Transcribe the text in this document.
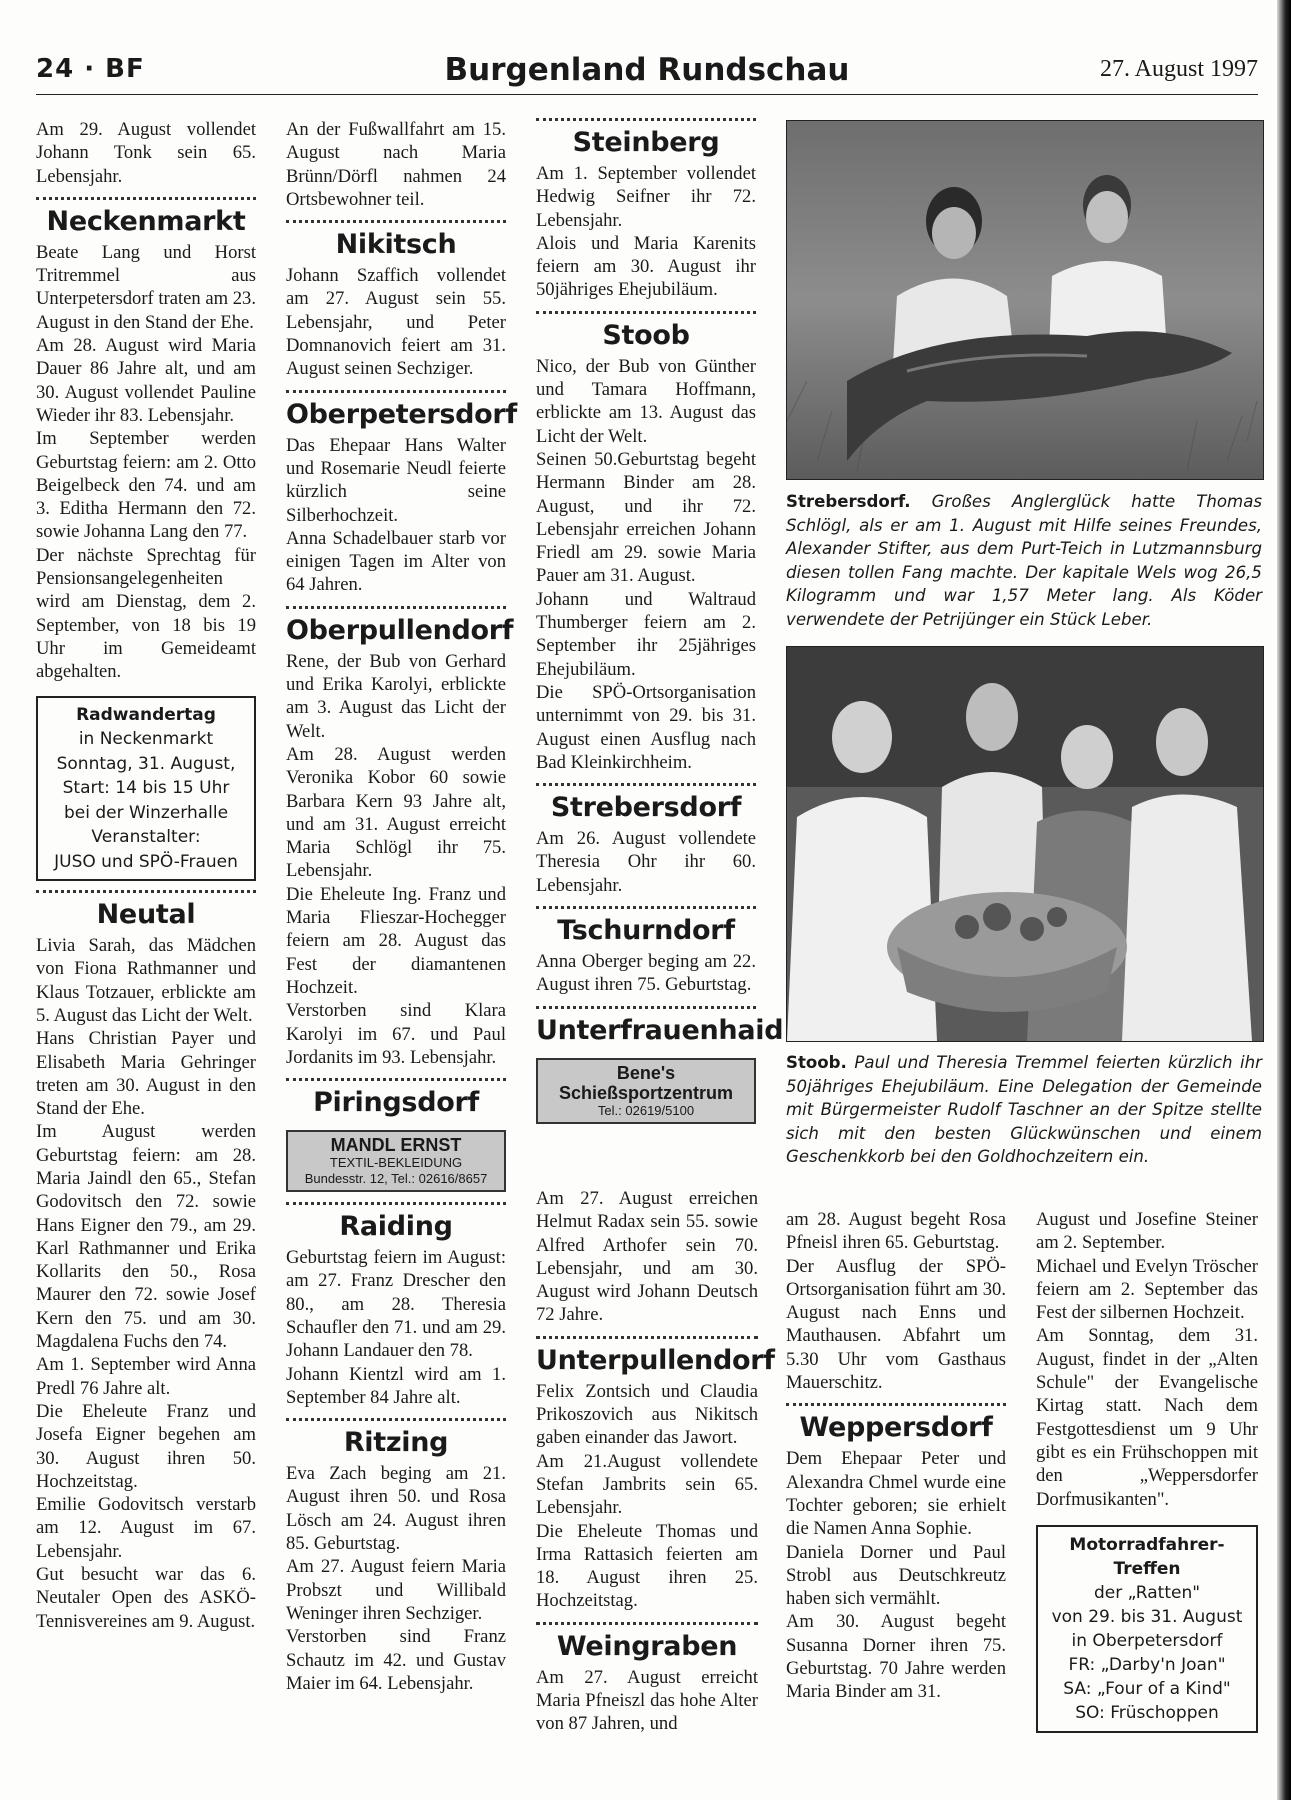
24 · BF	Burgenland Rundschau	27. August 1997

Am 29. August vollendet Johann Tonk sein 65. Lebensjahr.

Neckenmarkt

Beate Lang und Horst Tritremmel aus Unterpetersdorf traten am 23. August in den Stand der Ehe.

Am 28. August wird Maria Dauer 86 Jahre alt, und am 30. August vollendet Pauline Wieder ihr 83. Lebensjahr.

Im September werden Geburtstag feiern: am 2. Otto Beigelbeck den 74. und am 3. Editha Hermann den 72. sowie Johanna Lang den 77.

Der nächste Sprechtag für Pensionsangelegenheiten wird am Dienstag, dem 2. September, von 18 bis 19 Uhr im Gemeideamt abgehalten.

Radwandertag
in Neckenmarkt
Sonntag, 31. August,
Start: 14 bis 15 Uhr
bei der Winzerhalle
Veranstalter:
JUSO und SPÖ-Frauen
Neutal

Livia Sarah, das Mädchen von Fiona Rathmanner und Klaus Totzauer, erblickte am 5. August das Licht der Welt.

Hans Christian Payer und Elisabeth Maria Gehringer treten am 30. August in den Stand der Ehe.

Im August werden Geburtstag feiern: am 28. Maria Jaindl den 65., Stefan Godovitsch den 72. sowie Hans Eigner den 79., am 29. Karl Rathmanner und Erika Kollarits den 50., Rosa Maurer den 72. sowie Josef Kern den 75. und am 30. Magdalena Fuchs den 74.

Am 1. September wird Anna Predl 76 Jahre alt.

Die Eheleute Franz und Josefa Eigner begehen am 30. August ihren 50. Hochzeitstag.

Emilie Godovitsch verstarb am 12. August im 67. Lebensjahr.

Gut besucht war das 6. Neutaler Open des ASKÖ-Tennisvereines am 9. August.

An der Fußwallfahrt am 15. August nach Maria Brünn/Dörfl nahmen 24 Ortsbewohner teil.

Nikitsch

Johann Szaffich vollendet am 27. August sein 55. Lebensjahr, und Peter Domnanovich feiert am 31. August seinen Sechziger.

Oberpetersdorf

Das Ehepaar Hans Walter und Rosemarie Neudl feierte kürzlich seine Silberhochzeit.

Anna Schadelbauer starb vor einigen Tagen im Alter von 64 Jahren.

Oberpullendorf

Rene, der Bub von Gerhard und Erika Karolyi, erblickte am 3. August das Licht der Welt.

Am 28. August werden Veronika Kobor 60 sowie Barbara Kern 93 Jahre alt, und am 31. August erreicht Maria Schlögl ihr 75. Lebensjahr.

Die Eheleute Ing. Franz und Maria Flieszar-Hochegger feiern am 28. August das Fest der diamantenen Hochzeit.

Verstorben sind Klara Karolyi im 67. und Paul Jordanits im 93. Lebensjahr.

Piringsdorf
MANDL ERNST
TEXTIL-BEKLEIDUNG
Bundesstr. 12, Tel.: 02616/8657
Raiding

Geburtstag feiern im August: am 27. Franz Drescher den 80., am 28. Theresia Schaufler den 71. und am 29. Johann Landauer den 78.

Johann Kientzl wird am 1. September 84 Jahre alt.

Ritzing

Eva Zach beging am 21. August ihren 50. und Rosa Lösch am 24. August ihren 85. Geburtstag.

Am 27. August feiern Maria Probszt und Willibald Weninger ihren Sechziger.

Verstorben sind Franz Schautz im 42. und Gustav Maier im 64. Lebensjahr.

Steinberg

Am 1. September vollendet Hedwig Seifner ihr 72. Lebensjahr.

Alois und Maria Karenits feiern am 30. August ihr 50jähriges Ehejubiläum.

Stoob

Nico, der Bub von Günther und Tamara Hoffmann, erblickte am 13. August das Licht der Welt.

Seinen 50.Geburtstag begeht Hermann Binder am 28. August, und ihr 72. Lebensjahr erreichen Johann Friedl am 29. sowie Maria Pauer am 31. August.

Johann und Waltraud Thumberger feiern am 2. September ihr 25jähriges Ehejubiläum.

Die SPÖ-Ortsorganisation unternimmt von 29. bis 31. August einen Ausflug nach Bad Kleinkirchheim.

Strebersdorf

Am 26. August vollendete Theresia Ohr ihr 60. Lebensjahr.

Tschurndorf

Anna Oberger beging am 22. August ihren 75. Geburtstag.

Unterfrauenhaid
Bene's
Schießsportzentrum
Tel.: 02619/5100

Am 27. August erreichen Helmut Radax sein 55. sowie Alfred Arthofer sein 70. Lebensjahr, und am 30. August wird Johann Deutsch 72 Jahre.

Unterpullendorf

Felix Zontsich und Claudia Prikoszovich aus Nikitsch gaben einander das Jawort.

Am 21.August vollendete Stefan Jambrits sein 65. Lebensjahr.

Die Eheleute Thomas und Irma Rattasich feierten am 18. August ihren 25. Hochzeitstag.

Weingraben

Am 27. August erreicht Maria Pfneiszl das hohe Alter von 87 Jahren, und

Strebersdorf. Großes Anglerglück hatte Thomas Schlögl, als er am 1. August mit Hilfe seines Freundes, Alexander Stifter, aus dem Purt-Teich in Lutzmannsburg diesen tollen Fang machte. Der kapitale Wels wog 26,5 Kilogramm und war 1,57 Meter lang. Als Köder verwendete der Petrijünger ein Stück Leber.
Stoob. Paul und Theresia Tremmel feierten kürzlich ihr 50jähriges Ehejubiläum. Eine Delegation der Gemeinde mit Bürgermeister Rudolf Taschner an der Spitze stellte sich mit den besten Glückwünschen und einem Geschenkkorb bei den Goldhochzeitern ein.

am 28. August begeht Rosa Pfneisl ihren 65. Geburtstag.

Der Ausflug der SPÖ-Ortsorganisation führt am 30. August nach Enns und Mauthausen. Abfahrt um 5.30 Uhr vom Gasthaus Mauerschitz.

Weppersdorf

Dem Ehepaar Peter und Alexandra Chmel wurde eine Tochter geboren; sie erhielt die Namen Anna Sophie.

Daniela Dorner und Paul Strobl aus Deutschkreutz haben sich vermählt.

Am 30. August begeht Susanna Dorner ihren 75. Geburtstag. 70 Jahre werden Maria Binder am 31.

August und Josefine Steiner am 2. September.

Michael und Evelyn Tröscher feiern am 2. September das Fest der silbernen Hochzeit.

Am Sonntag, dem 31. August, findet in der „Alten Schule" der Evangelische Kirtag statt. Nach dem Festgottesdienst um 9 Uhr gibt es ein Frühschoppen mit den „Weppersdorfer Dorfmusikanten".

Motorradfahrer-Treffen
der „Ratten"
von 29. bis 31. August
in Oberpetersdorf
FR: „Darby'n Joan"
SA: „Four of a Kind"
SO: Früschoppen
